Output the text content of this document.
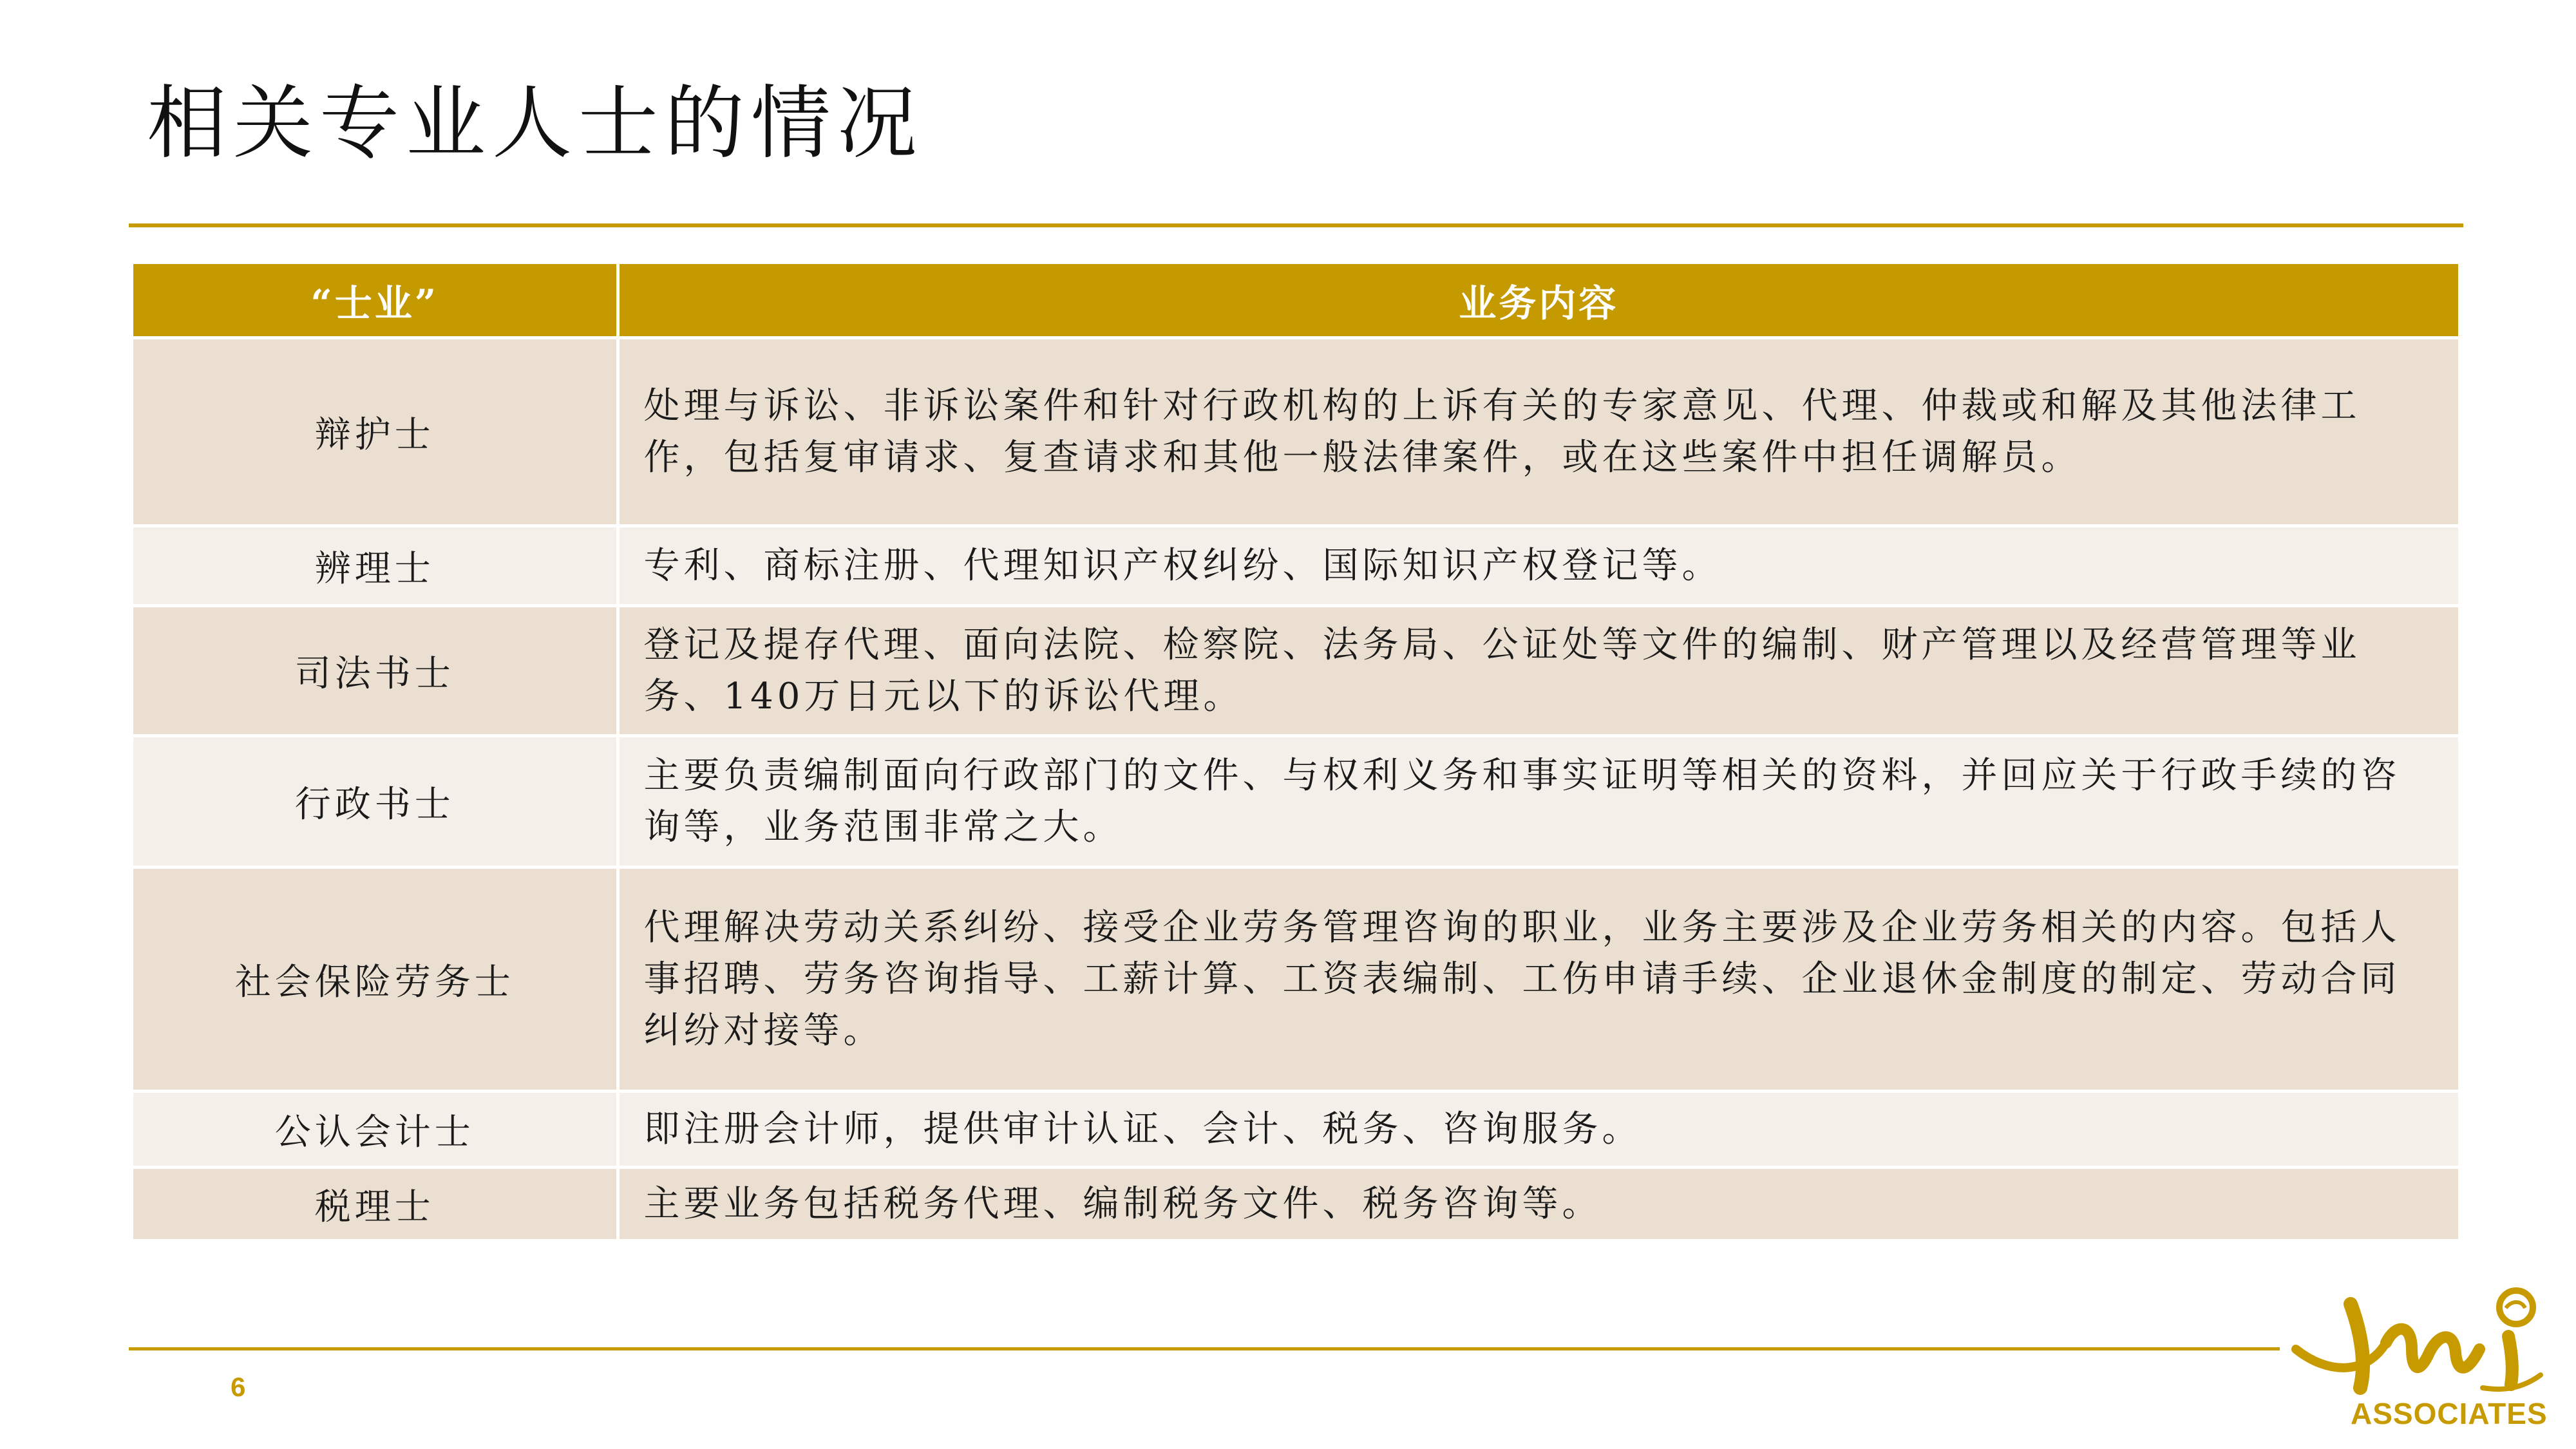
相关专业人士的情况
“士业”	业务内容
辩护士	处理与诉讼、非诉讼案件和针对行政机构的上诉有关的专家意见、代理、仲裁或和解及其他法律工作，包括复审请求、复查请求和其他一般法律案件，或在这些案件中担任调解员。
辨理士	专利、商标注册、代理知识产权纠纷、国际知识产权登记等。
司法书士	登记及提存代理、面向法院、检察院、法务局、公证处等文件的编制、财产管理以及经营管理等业务、140万日元以下的诉讼代理。
行政书士	主要负责编制面向行政部门的文件、与权利义务和事实证明等相关的资料，并回应关于行政手续的咨询等，业务范围非常之大。
社会保险劳务士	代理解决劳动关系纠纷、接受企业劳务管理咨询的职业，业务主要涉及企业劳务相关的内容。包括人事招聘、劳务咨询指导、工薪计算、工资表编制、工伤申请手续、企业退休金制度的制定、劳动合同纠纷对接等。
公认会计士	即注册会计师，提供审计认证、会计、税务、咨询服务。
税理士	主要业务包括税务代理、编制税务文件、税务咨询等。
6
ASSOCIATES
